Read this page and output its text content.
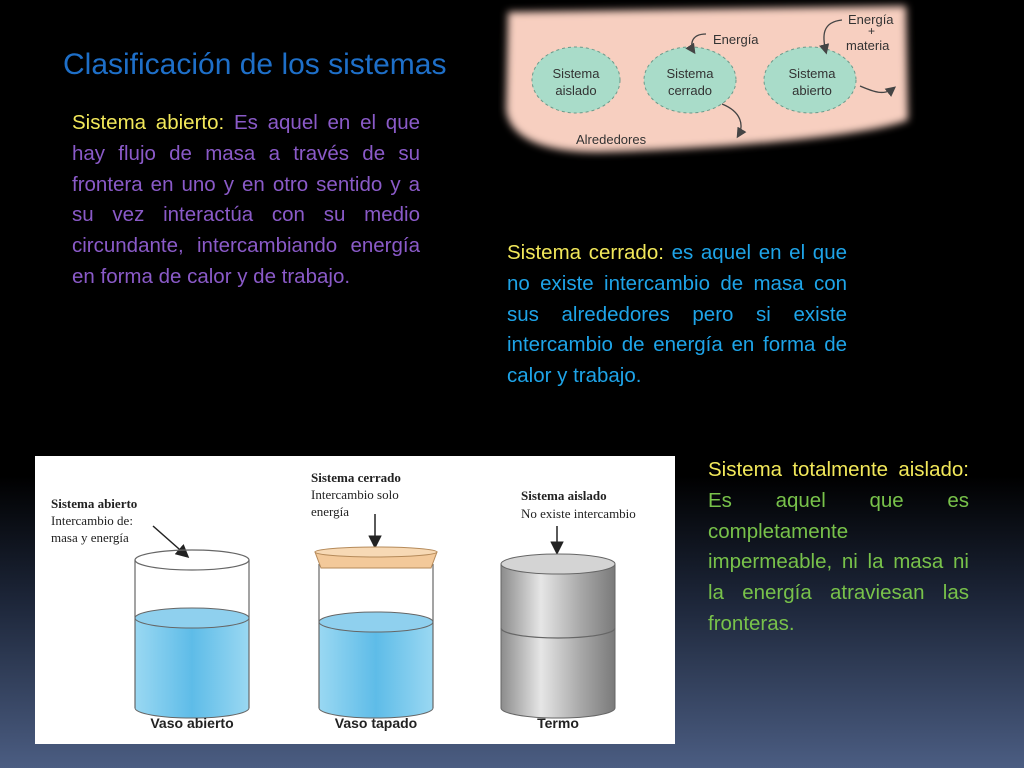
Clasificación de los sistemas
Sistema abierto: Es aquel en el que hay flujo de masa a través de su frontera en uno y en otro sentido y a su vez interactúa con su medio circundante, intercambiando energía en forma de calor y de trabajo.
Sistema cerrado: es aquel en el que no existe intercambio de masa con sus alrededores pero si existe intercambio de energía en forma de calor y trabajo.
Sistema totalmente aislado: Es aquel que es completamente impermeable, ni la masa ni la energía atraviesan las fronteras.
Sistema
aislado
Sistema
cerrado
Sistema
abierto
Energía
Energía
+
materia
Alrededores
Sistema abierto
Intercambio de:
masa y energía
Vaso abierto
Sistema cerrado
Intercambio solo
energía
Vaso tapado
Sistema aislado
No existe intercambio
Termo
